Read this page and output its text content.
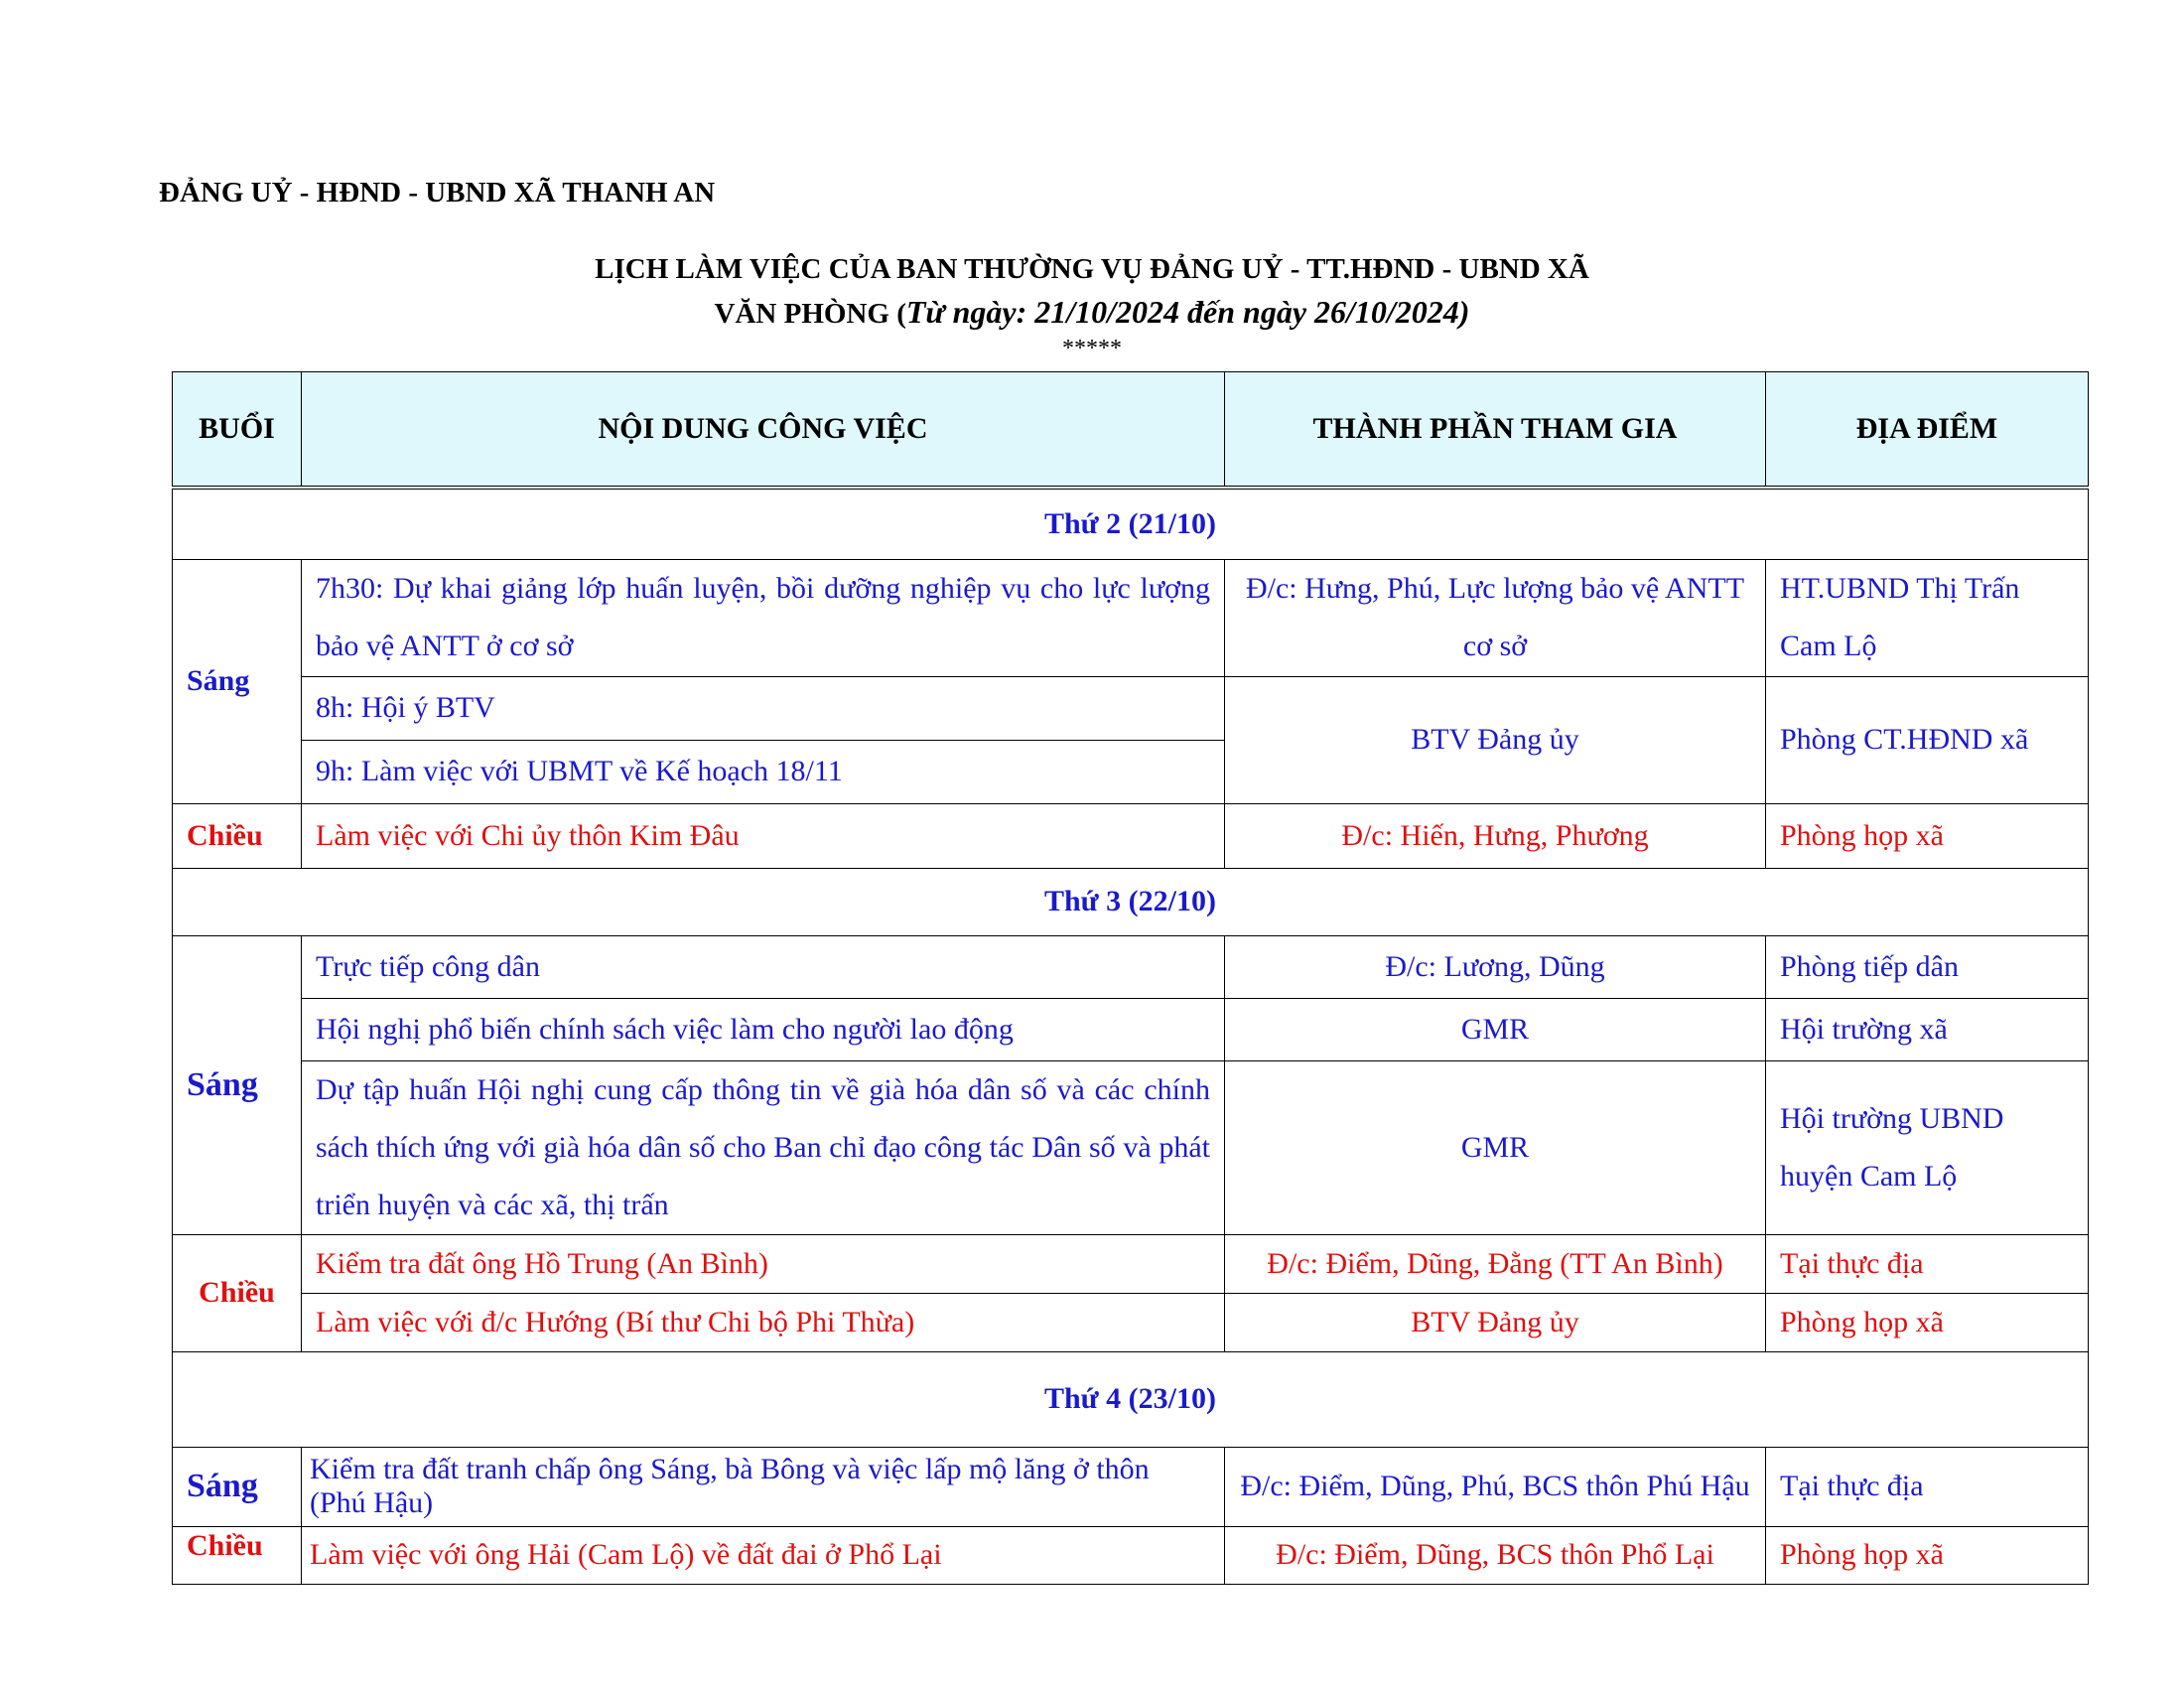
ĐẢNG UỶ - HĐND - UBND XÃ THANH AN
LỊCH LÀM VIỆC CỦA BAN THƯỜNG VỤ ĐẢNG UỶ - TT.HĐND - UBND XÃ
VĂN PHÒNG (Từ ngày: 21/10/2024 đến ngày 26/10/2024)
*****
BUỔI	NỘI DUNG CÔNG VIỆC	THÀNH PHẦN THAM GIA	ĐỊA ĐIỂM
Thứ 2 (21/10)			
Sáng	7h30: Dự khai giảng lớp huấn luyện, bồi dưỡng nghiệp vụ cho lực lượng bảo vệ ANTT ở cơ sở	Đ/c: Hưng, Phú, Lực lượng bảo vệ ANTT cơ sở	HT.UBND Thị Trấn Cam Lộ
	8h: Hội ý BTV	BTV Đảng ủy	Phòng CT.HĐND xã
	9h: Làm việc với UBMT về Kế hoạch 18/11		
Chiều	Làm việc với Chi ủy thôn Kim Đâu	Đ/c: Hiến, Hưng, Phương	Phòng họp xã
Thứ 3 (22/10)			
Sáng	Trực tiếp công dân	Đ/c: Lương, Dũng	Phòng tiếp dân
	Hội nghị phổ biến chính sách việc làm cho người lao động	GMR	Hội trường xã
	Dự tập huấn Hội nghị cung cấp thông tin về già hóa dân số và các chính sách thích ứng với già hóa dân số cho Ban chỉ đạo công tác Dân số và phát triển huyện và các xã, thị trấn	GMR	Hội trường UBND huyện Cam Lộ
Chiều	Kiểm tra đất ông Hồ Trung (An Bình)	Đ/c: Điểm, Dũng, Đằng (TT An Bình)	Tại thực địa
	Làm việc với đ/c Hướng (Bí thư Chi bộ Phi Thừa)	BTV Đảng ủy	Phòng họp xã
Thứ 4 (23/10)			
Sáng	Kiểm tra đất tranh chấp ông Sáng, bà Bông và việc lấp mộ lăng ở thôn (Phú Hậu)	Đ/c: Điểm, Dũng, Phú, BCS thôn Phú Hậu	Tại thực địa
Chiều	Làm việc với ông Hải (Cam Lộ) về đất đai ở Phổ Lại	Đ/c: Điểm, Dũng, BCS thôn Phổ Lại	Phòng họp xã
